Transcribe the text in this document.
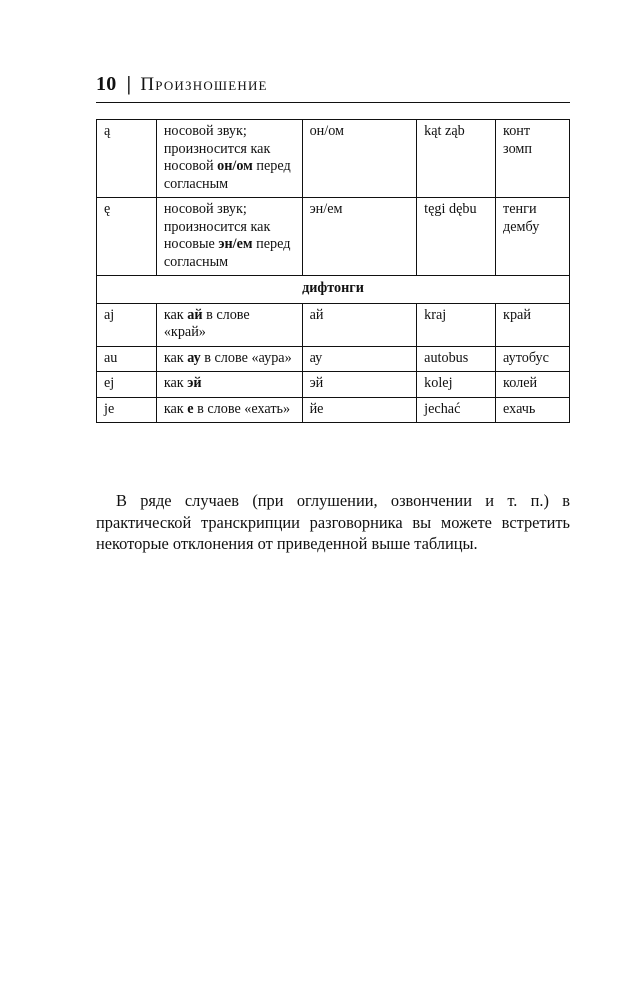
10 | Произношение
ą	носовой звук; произносится как носовой он/ом перед согласным	он/ом	kąt ząb	конт зомп
ę	носовой звук; произносится как носовые эн/ем перед согласным	эн/ем	tęgi dębu	тенги дембу
дифтонги				
aj	как ай в слове «край»	ай	kraj	край
au	как ау в слове «аура»	ау	autobus	аутобус
ej	как эй	эй	kolej	колей
je	как е в слове «ехать»	йе	jechać	ехачь

В ряде случаев (при оглушении, озвончении и т. п.) в практической транскрипции разговорника вы можете встретить некоторые отклонения от приведенной выше таблицы.
